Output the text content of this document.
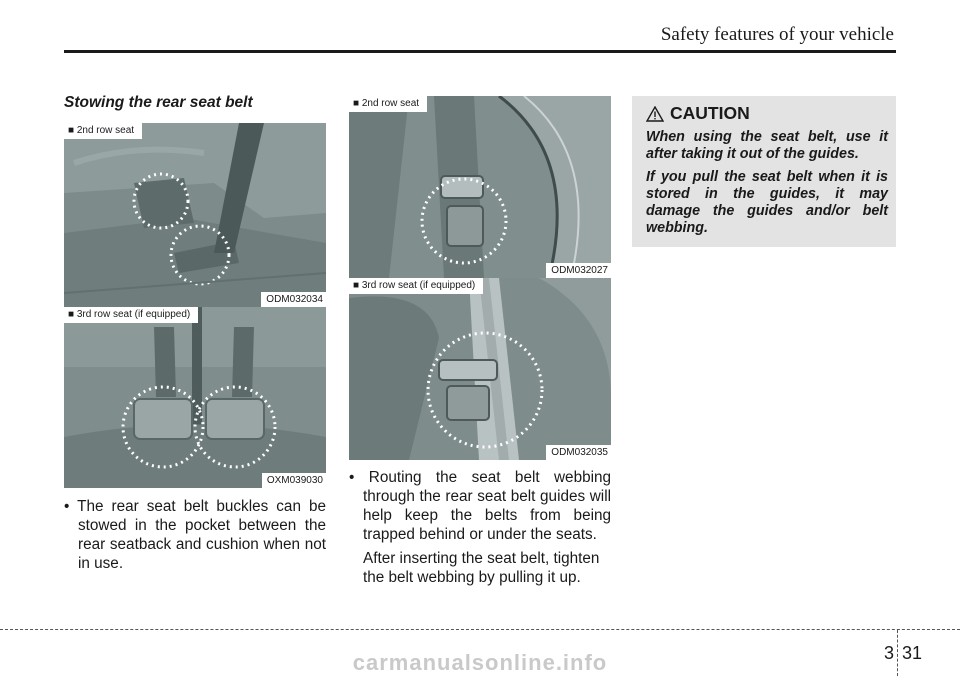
Safety features of your vehicle
Stowing the rear seat belt
■ 2nd row seat
ODM032034
■ 3rd row seat (if equipped)
OXM039030
■ 2nd row seat
ODM032027
■ 3rd row seat (if equipped)
ODM032035

• The rear seat belt buckles can be stowed in the pocket between the rear seatback and cushion when not in use.

• Routing the seat belt webbing through the rear seat belt guides will help keep the belts from being trapped behind or under the seats.

After inserting the seat belt, tighten the belt webbing by pulling it up.

CAUTION

When using the seat belt, use it after taking it out of the guides.

If you pull the seat belt when it is stored in the guides, it may damage the guides and/or belt webbing.

3 31
carmanualsonline.info
